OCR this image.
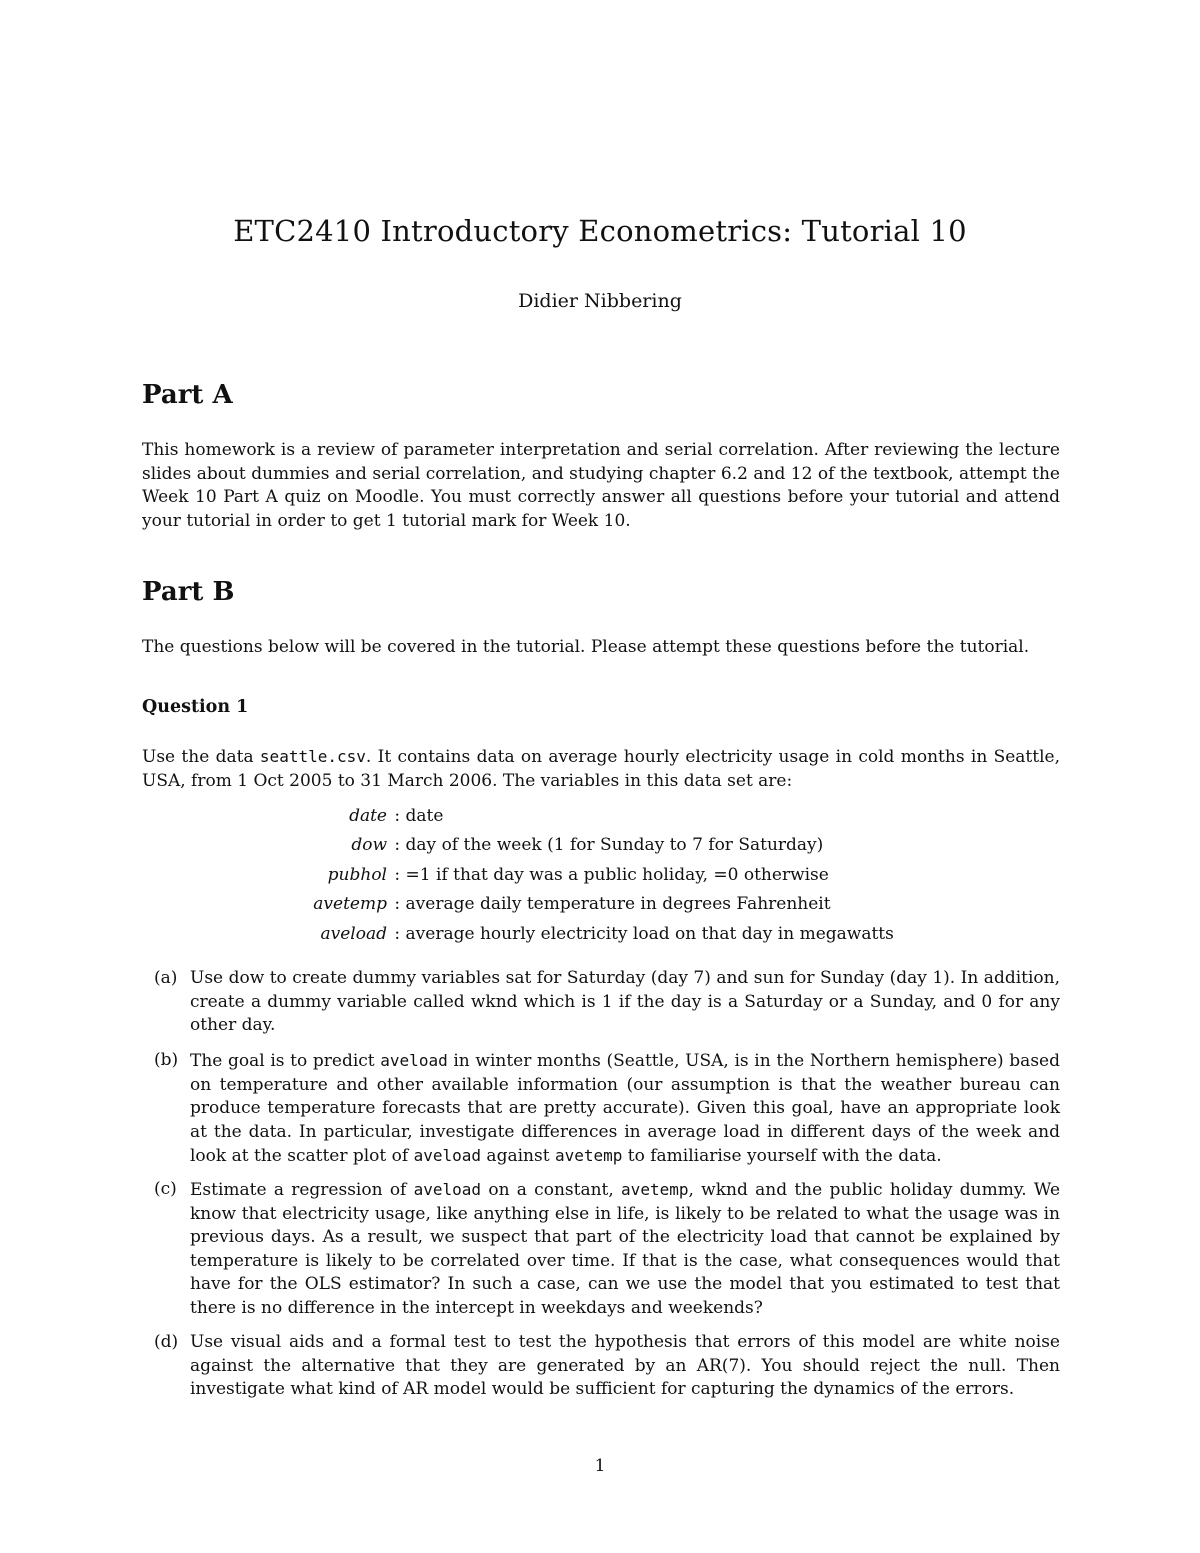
ETC2410 Introductory Econometrics: Tutorial 10

Didier Nibbering

Part A

This homework is a review of parameter interpretation and serial correlation. After reviewing the lecture slides about dummies and serial correlation, and studying chapter 6.2 and 12 of the textbook, attempt the Week 10 Part A quiz on Moodle. You must correctly answer all questions before your tutorial and attend your tutorial in order to get 1 tutorial mark for Week 10.

Part B

The questions below will be covered in the tutorial. Please attempt these questions before the tutorial.

Question 1

Use the data seattle.csv. It contains data on average hourly electricity usage in cold months in Seattle, USA, from 1 Oct 2005 to 31 March 2006. The variables in this data set are:

date : date
dow : day of the week (1 for Sunday to 7 for Saturday)
pubhol : =1 if that day was a public holiday, =0 otherwise
avetemp : average daily temperature in degrees Fahrenheit
aveload : average hourly electricity load on that day in megawatts
(a) Use dow to create dummy variables sat for Saturday (day 7) and sun for Sunday (day 1). In addition, create a dummy variable called wknd which is 1 if the day is a Saturday or a Sunday, and 0 for any other day.
(b) The goal is to predict aveload in winter months (Seattle, USA, is in the Northern hemisphere) based on temperature and other available information (our assumption is that the weather bureau can produce temperature forecasts that are pretty accurate). Given this goal, have an appropriate look at the data. In particular, investigate differences in average load in different days of the week and look at the scatter plot of aveload against avetemp to familiarise yourself with the data.
(c) Estimate a regression of aveload on a constant, avetemp, wknd and the public holiday dummy. We know that electricity usage, like anything else in life, is likely to be related to what the usage was in previous days. As a result, we suspect that part of the electricity load that cannot be explained by temperature is likely to be correlated over time. If that is the case, what consequences would that have for the OLS estimator? In such a case, can we use the model that you estimated to test that there is no difference in the intercept in weekdays and weekends?
(d) Use visual aids and a formal test to test the hypothesis that errors of this model are white noise against the alternative that they are generated by an AR(7). You should reject the null. Then investigate what kind of AR model would be sufficient for capturing the dynamics of the errors.

1
